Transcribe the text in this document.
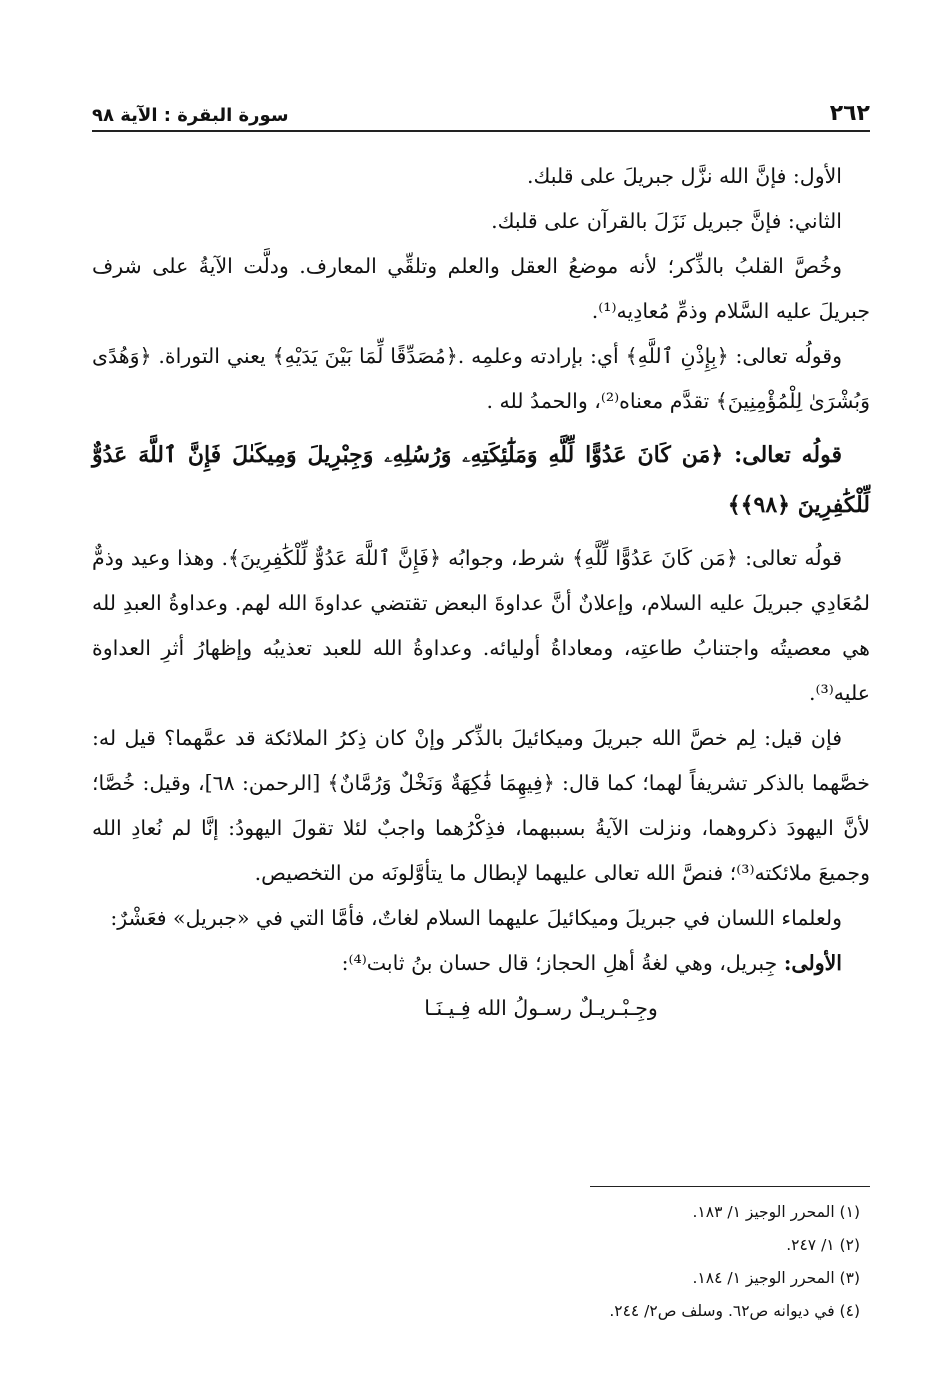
٢٦٢
سورة البقرة : الآية ٩٨

الأول: فإنَّ الله نزَّل جبريلَ على قلبك.

الثاني: فإنَّ جبريل نَزَلَ بالقرآن على قلبك.

وخُصَّ القلبُ بالذِّكر؛ لأنه موضعُ العقل والعلم وتلقِّي المعارف. ودلَّت الآيةُ على شرف جبريلَ عليه السَّلام وذمِّ مُعادِيه⁽¹⁾.

وقولُه تعالى: ﴿بِإِذْنِ ٱللَّهِ﴾ أي: بإرادته وعلمِه .﴿مُصَدِّقًا لِّمَا بَيْنَ يَدَيْهِ﴾ يعني التوراة. ﴿وَهُدًى وَبُشْرَىٰ لِلْمُؤْمِنِينَ﴾ تقدَّم معناه⁽²⁾، والحمدُ لله .

قولُه تعالى: ﴿مَن كَانَ عَدُوًّا لِّلَّهِ وَمَلَٰٓئِكَتِهِۦ وَرُسُلِهِۦ وَجِبْرِيلَ وَمِيكَىٰلَ فَإِنَّ ٱللَّهَ عَدُوٌّ لِّلْكَٰفِرِينَ ﴿٩٨﴾﴾

قولُه تعالى: ﴿مَن كَانَ عَدُوًّا لِّلَّهِ﴾ شرط، وجوابُه ﴿فَإِنَّ ٱللَّهَ عَدُوٌّ لِّلْكَٰفِرِينَ﴾. وهذا وعيد وذمٌّ لمُعَادِي جبريلَ عليه السلام، وإعلانٌ أنَّ عداوةَ البعض تقتضي عداوةَ الله لهم. وعداوةُ العبدِ لله هي معصيتُه واجتنابُ طاعتِه، ومعاداةُ أوليائه. وعداوةُ الله للعبد تعذيبُه وإظهارُ أثرِ العداوة عليه⁽³⁾.

فإن قيل: لِم خصَّ الله جبريلَ وميكائيلَ بالذِّكر وإنْ كان ذِكرُ الملائكة قد عمَّهما؟ قيل له: خصَّهما بالذكر تشريفاً لهما؛ كما قال: ﴿فِيهِمَا فَٰكِهَةٌ وَنَخْلٌ وَرُمَّانٌ﴾ [الرحمن: ٦٨]، وقيل: خُصَّا؛ لأنَّ اليهودَ ذكروهما، ونزلت الآيةُ بسببهما، فذِكْرُهما واجبٌ لئلا تقولَ اليهودُ: إنَّا لم نُعادِ الله وجميعَ ملائكته⁽³⁾؛ فنصَّ الله تعالى عليهما لإبطال ما يتأوَّلونَه من التخصيص.

ولعلماء اللسان في جبريلَ وميكائيلَ عليهما السلام لغاتٌ، فأمَّا التي في «جبريل» فعَشْرٌ:

الأولى: جِبريل، وهي لغةُ أهلِ الحجاز؛ قال حسان بنُ ثابت⁽⁴⁾:

وجِـبْـريـلٌ رسـولُ الله فِـيـنَـا

(١) المحرر الوجيز ١/ ١٨٣.
(٢) ١/ ٢٤٧.
(٣) المحرر الوجيز ١/ ١٨٤.
(٤) في ديوانه ص٦٢. وسلف ص٢/ ٢٤٤.
